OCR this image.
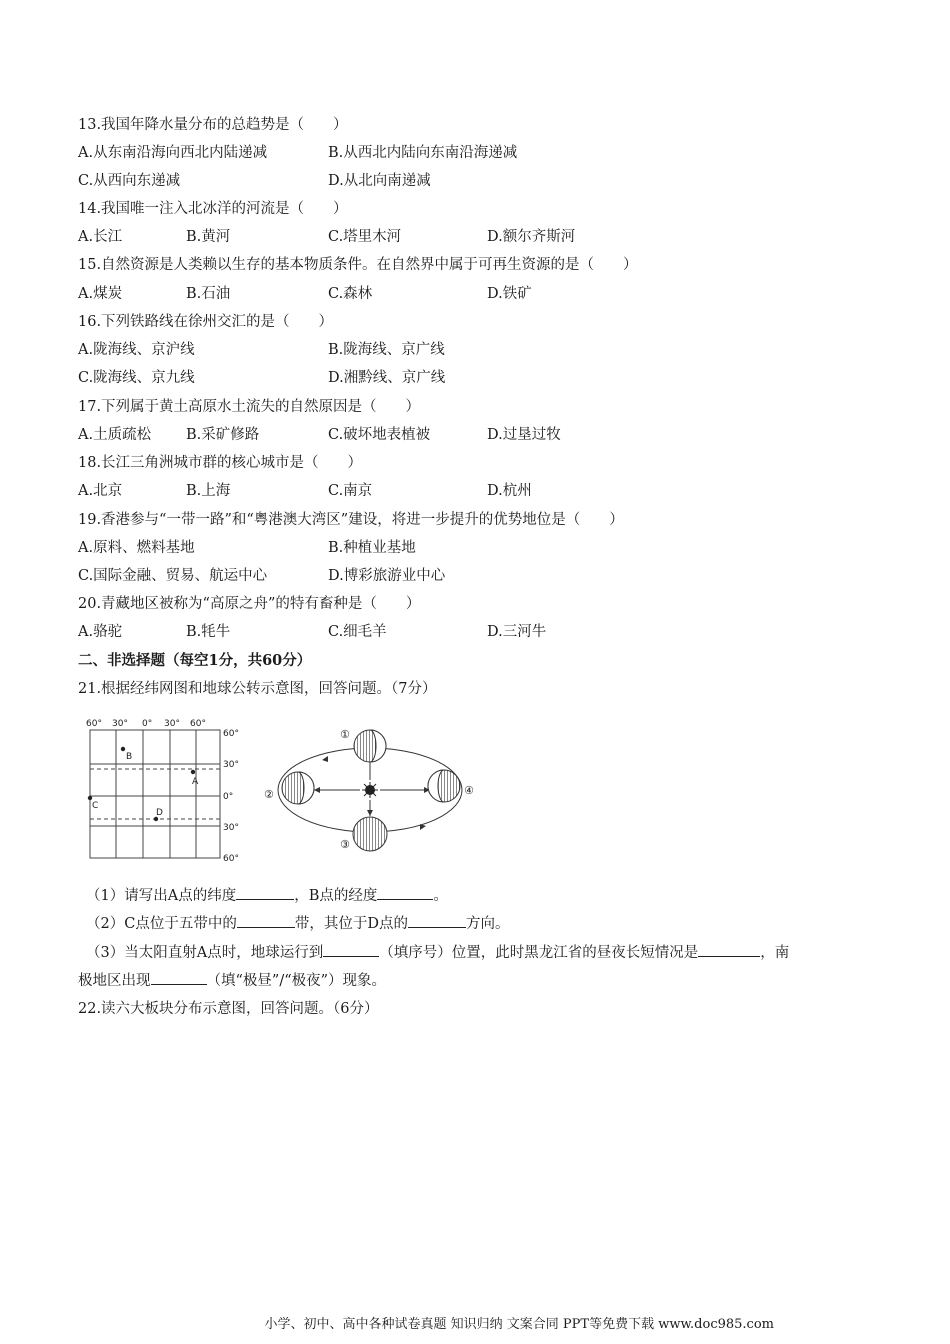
13.我国年降水量分布的总趋势是（　　）
A.从东南沿海向西北内陆递减	B.从西北内陆向东南沿海递减
C.从西向东递减	D.从北向南递减
14.我国唯一注入北冰洋的河流是（　　）
A.长江	B.黄河	C.塔里木河	D.额尔齐斯河
15.自然资源是人类赖以生存的基本物质条件。在自然界中属于可再生资源的是（　　）
A.煤炭	B.石油	C.森林	D.铁矿
16.下列铁路线在徐州交汇的是（　　）
A.陇海线、京沪线	B.陇海线、京广线
C.陇海线、京九线	D.湘黔线、京广线
17.下列属于黄土高原水土流失的自然原因是（　　）
A.土质疏松 B.采矿修路	C.破坏地表植被	D.过垦过牧
18.长江三角洲城市群的核心城市是（　　）
A.北京	B.上海	C.南京	D.杭州
19.香港参与“一带一路”和“粤港澳大湾区”建设，将进一步提升的优势地位是（　　）
A.原料、燃料基地	B.种植业基地
C.国际金融、贸易、航运中心	D.博彩旅游业中心
20.青藏地区被称为“高原之舟”的特有畜种是（　　）
A.骆驼	B.牦牛	C.细毛羊	D.三河牛
二、非选择题（每空1分，共60分）
21.根据经纬网图和地球公转示意图，回答问题。（7分）
60° 30° 0° 30° 60°
60°
30°
0°
30°
60°
A
B
C
D
①
②
③
④
（1）请写出A点的纬度	，B点的经度	。
（2）C点位于五带中的	带，其位于D点的	方向。
（3）当太阳直射A点时，地球运行到	（填序号）位置，此时黑龙江省的昼夜长短情况是	，南
极地区出现	（填“极昼”/“极夜”）现象。
22.读六大板块分布示意图，回答问题。（6分）
小学、初中、高中各种试卷真题 知识归纳 文案合同 PPT等免费下载 www.doc985.com
